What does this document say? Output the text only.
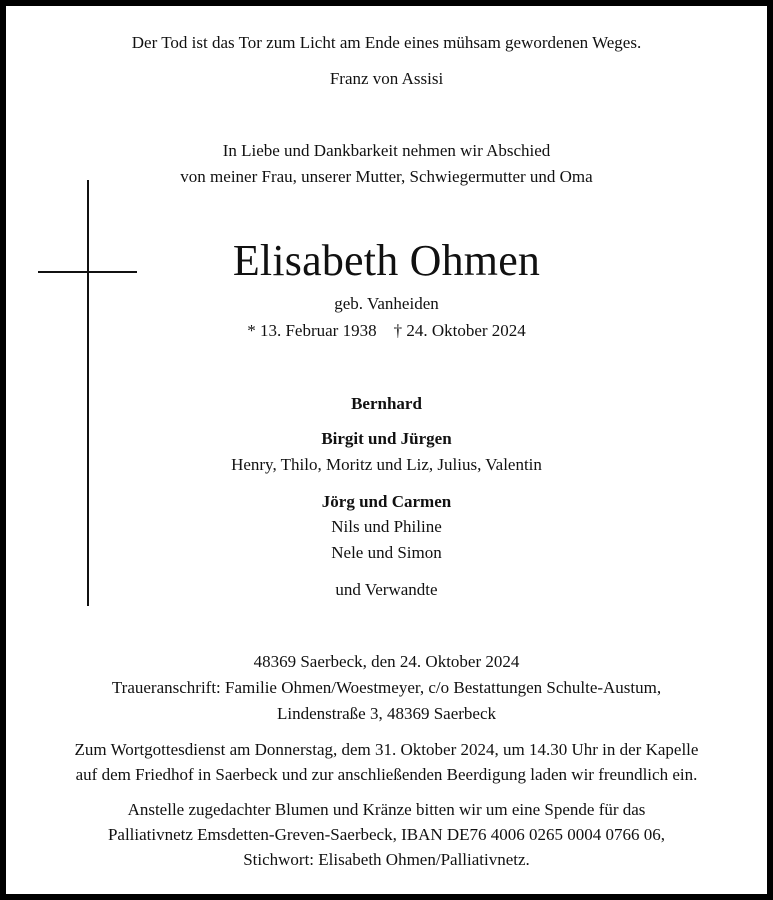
Der Tod ist das Tor zum Licht am Ende eines mühsam gewordenen Weges.
Franz von Assisi
In Liebe und Dankbarkeit nehmen wir Abschied
von meiner Frau, unserer Mutter, Schwiegermutter und Oma
Elisabeth Ohmen
geb. Vanheiden
* 13. Februar 1938    † 24. Oktober 2024
Bernhard
Birgit und Jürgen
Henry, Thilo, Moritz und Liz, Julius, Valentin
Jörg und Carmen
Nils und Philine
Nele und Simon
und Verwandte
48369 Saerbeck, den 24. Oktober 2024
Traueranschrift: Familie Ohmen/Woestmeyer, c/o Bestattungen Schulte-Austum,
Lindenstraße 3, 48369 Saerbeck
Zum Wortgottesdienst am Donnerstag, dem 31. Oktober 2024, um 14.30 Uhr in der Kapelle
auf dem Friedhof in Saerbeck und zur anschließenden Beerdigung laden wir freundlich ein.
Anstelle zugedachter Blumen und Kränze bitten wir um eine Spende für das
Palliativnetz Emsdetten-Greven-Saerbeck, IBAN DE76 4006 0265 0004 0766 06,
Stichwort: Elisabeth Ohmen/Palliativnetz.
